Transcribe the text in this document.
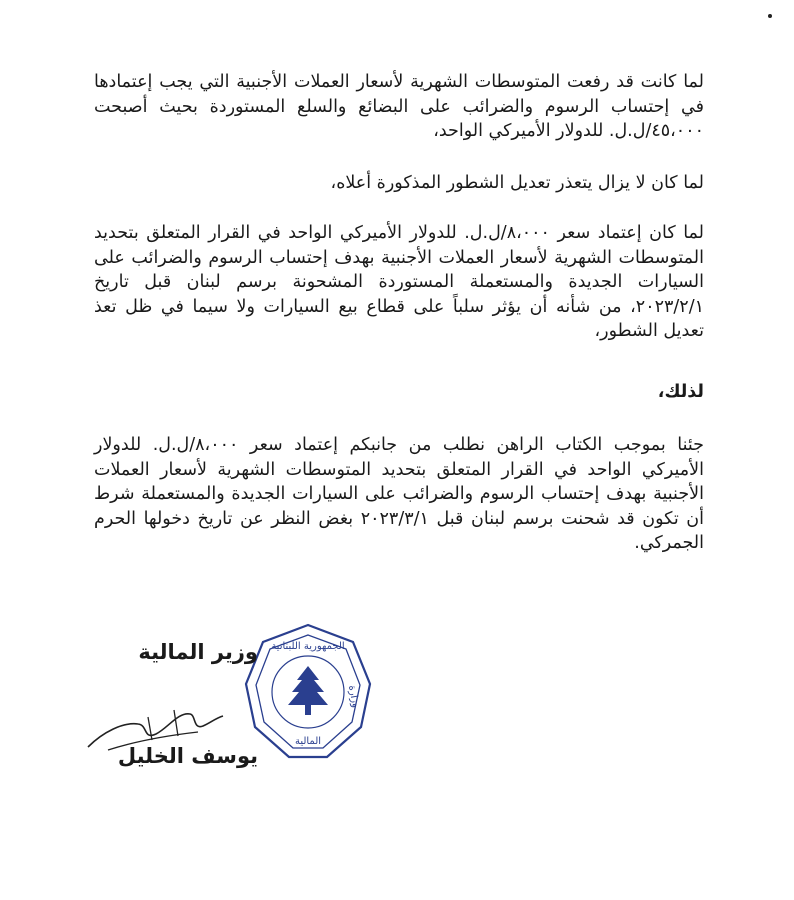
لما كانت قد رفعت المتوسطات الشهرية لأسعار العملات الأجنبية التي يجب إعتمادها في إحتساب الرسوم والضرائب على البضائع والسلع المستوردة بحيث أصبحت ٤٥،٠٠٠/ل.ل. للدولار الأميركي الواحد،
لما كان لا يزال يتعذر تعديل الشطور المذكورة أعلاه،
لما كان إعتماد سعر ٨،٠٠٠/ل.ل. للدولار الأميركي الواحد في القرار المتعلق بتحديد المتوسطات الشهرية لأسعار العملات الأجنبية بهدف إحتساب الرسوم والضرائب على السيارات الجديدة والمستعملة المستوردة المشحونة برسم لبنان قبل تاريخ ٢٠٢٣/٢/١، من شأنه أن يؤثر سلباً على قطاع بيع السيارات ولا سيما في ظل تعذ تعديل الشطور،
لذلك،
جئنا بموجب الكتاب الراهن نطلب من جانبكم إعتماد سعر ٨،٠٠٠/ل.ل. للدولار الأميركي الواحد في القرار المتعلق بتحديد المتوسطات الشهرية لأسعار العملات الأجنبية بهدف إحتساب الرسوم والضرائب على السيارات الجديدة والمستعملة شرط أن تكون قد شحنت برسم لبنان قبل ٢٠٢٣/٣/١ بغض النظر عن تاريخ دخولها الحرم الجمركي.
الجمهورية اللبنانية
وزارة
المالية
وزير المالية
يوسف الخليل
